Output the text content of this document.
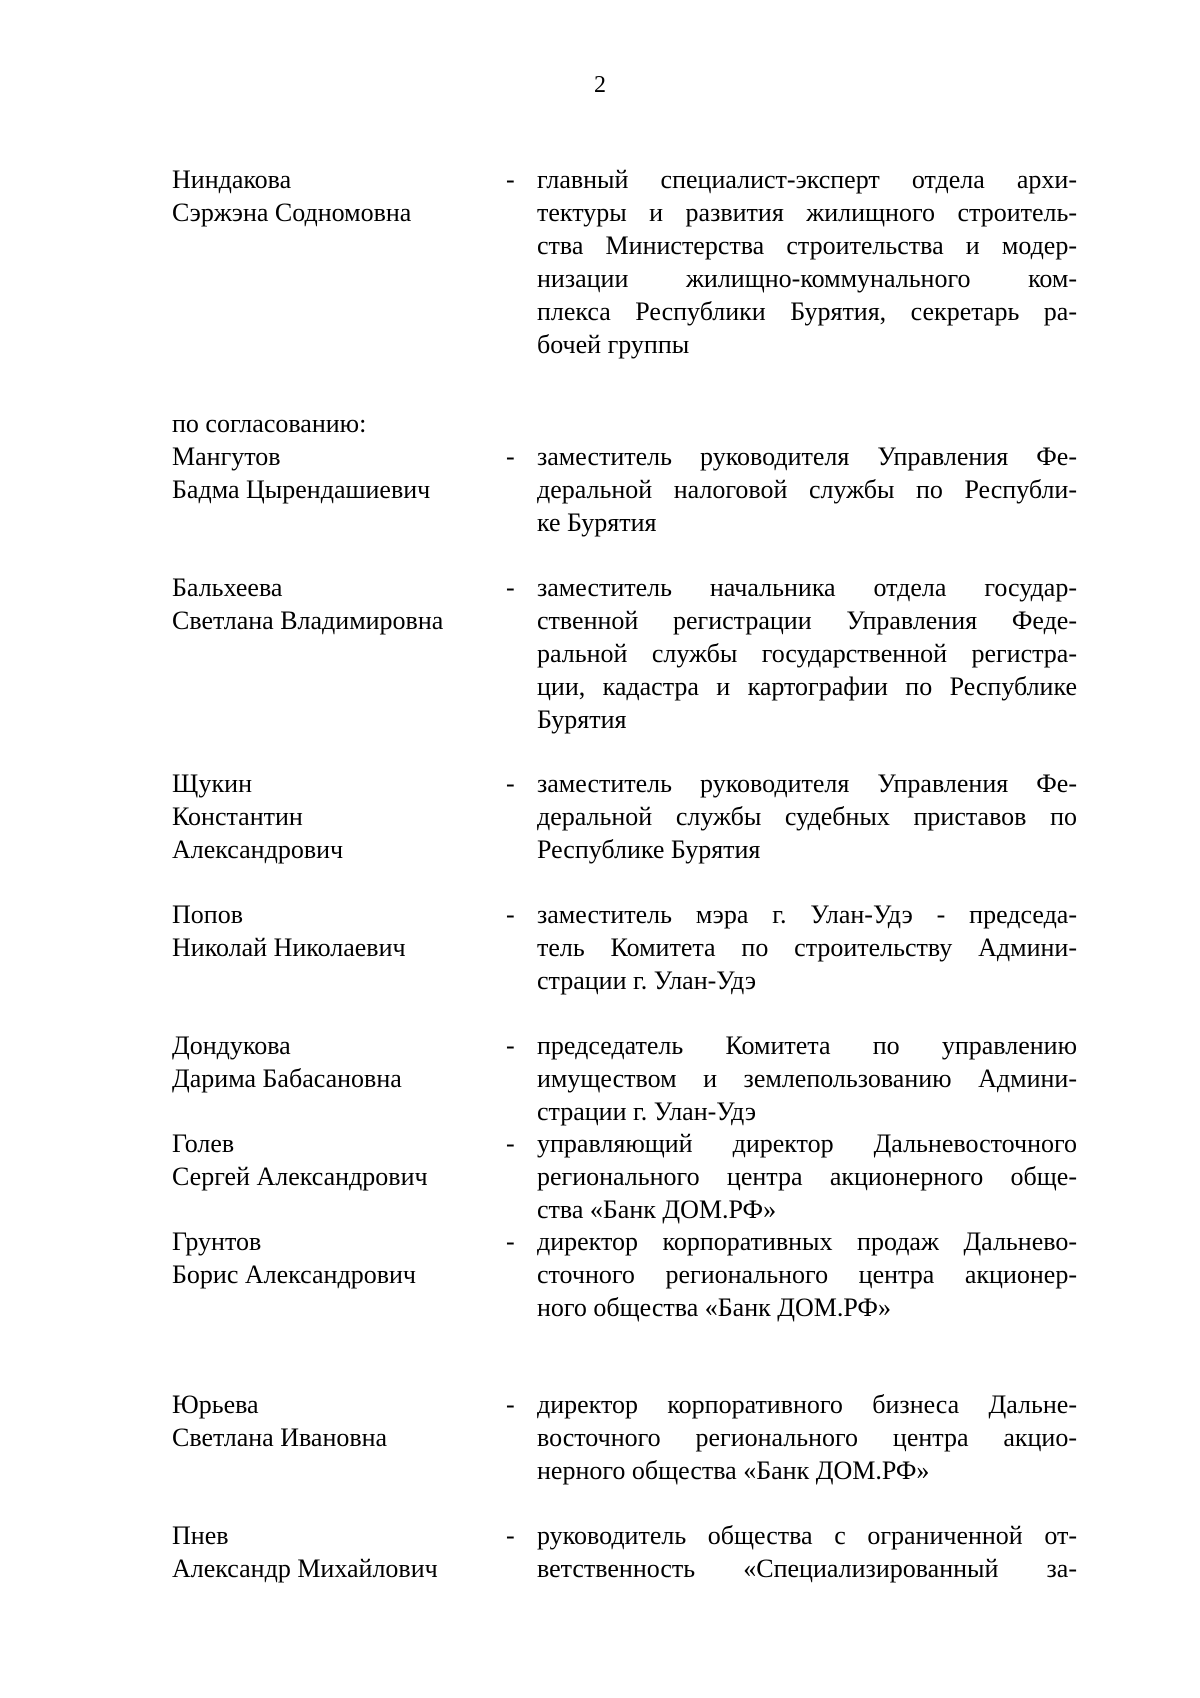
2
Ниндакова
Сэржэна Содномовна
- главный специалист-эксперт отдела архи-
тектуры и развития жилищного строитель-
ства Министерства строительства и модер-
низации жилищно-коммунального ком-
плекса Республики Бурятия, секретарь ра-
бочей группы
по согласованию:
Мангутов
Бадма Цырендашиевич
- заместитель руководителя Управления Фе-
деральной налоговой службы по Республи-
ке Бурятия
Бальхеева
Светлана Владимировна
- заместитель начальника отдела государ-
ственной регистрации Управления Феде-
ральной службы государственной регистра-
ции, кадастра и картографии по Республике
Бурятия
Щукин
Константин
Александрович
- заместитель руководителя Управления Фе-
деральной службы судебных приставов по
Республике Бурятия
Попов
Николай Николаевич
- заместитель мэра г. Улан-Удэ - председа-
тель Комитета по строительству Админи-
страции г. Улан-Удэ
Дондукова
Дарима Бабасановна
- председатель Комитета по управлению
имуществом и землепользованию Админи-
страции г. Улан-Удэ
Голев
Сергей Александрович
- управляющий директор Дальневосточного
регионального центра акционерного обще-
ства «Банк ДОМ.РФ»
Грунтов
Борис Александрович
- директор корпоративных продаж Дальнево-
сточного регионального центра акционер-
ного общества «Банк ДОМ.РФ»
Юрьева
Светлана Ивановна
- директор корпоративного бизнеса Дальне-
восточного регионального центра акцио-
нерного общества «Банк ДОМ.РФ»
Пнев
Александр Михайлович
- руководитель общества с ограниченной от-
ветственность «Специализированный за-
